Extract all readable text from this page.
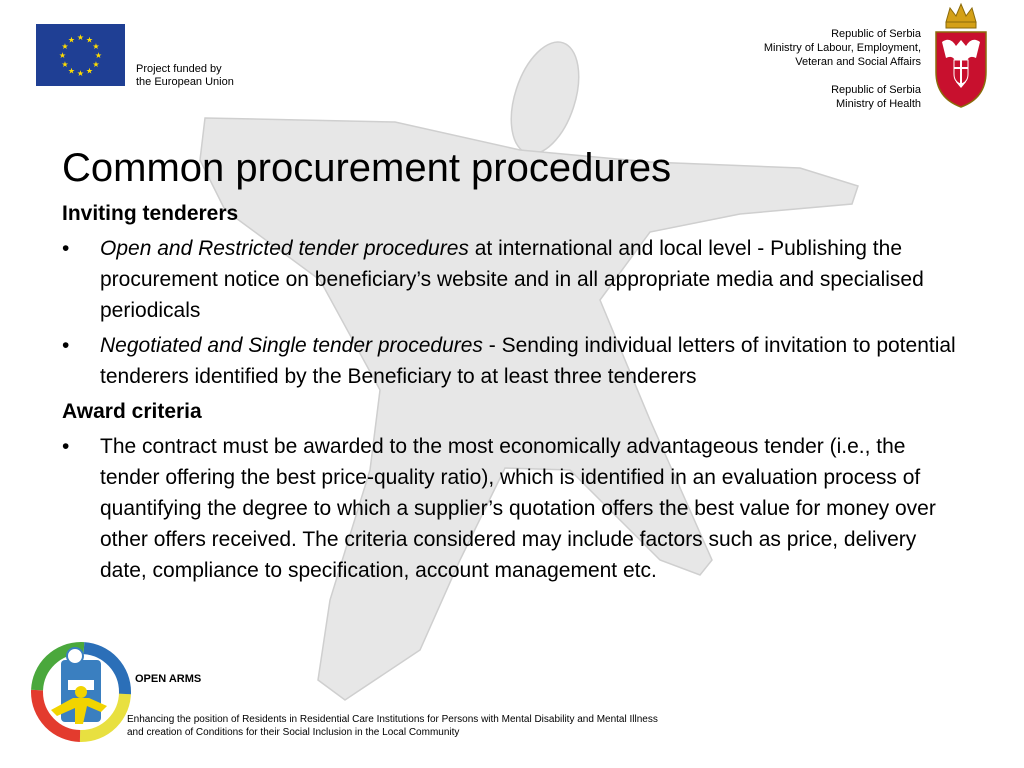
★ ★
★
★
★
★
★
★
★
★
★
★
Project funded by
the European Union
Republic of Serbia
Ministry of Labour, Employment,
Veteran and Social Affairs
Republic of Serbia
Ministry of Health
Common procurement procedures
Inviting tenderers
• Open and Restricted tender procedures at international and local level - Publishing the procurement notice on beneficiary’s website and in all appropriate media and specialised periodicals
• Negotiated and Single tender procedures - Sending individual letters of invitation to potential tenderers identified by the Beneficiary to at least three tenderers
Award criteria
• The contract must be awarded to the most economically advantageous tender (i.e., the tender offering the best price-quality ratio), which is identified in an evaluation process of quantifying the degree to which a supplier’s quotation offers the best value for money over other offers received. The criteria considered may include factors such as price, delivery date, compliance to specification, account management etc.
OPEN ARMS
Enhancing the position of Residents in Residential Care Institutions for Persons with Mental Disability and Mental Illness
and creation of Conditions for their Social Inclusion in the Local Community
